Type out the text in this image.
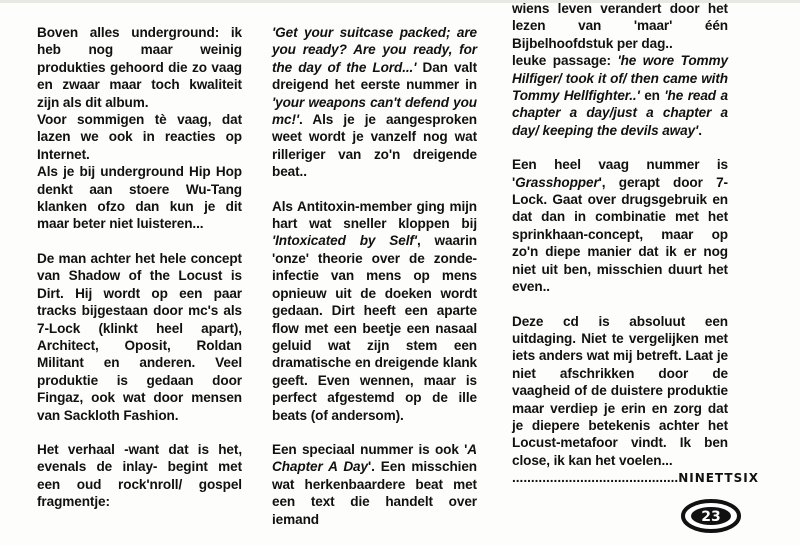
Boven alles underground: ik heb nog maar weinig produkties gehoord die zo vaag en zwaar maar toch kwaliteit zijn als dit album.

Voor sommigen tè vaag, dat lazen we ook in reacties op Internet.

Als je bij underground Hip Hop denkt aan stoere Wu-Tang klanken ofzo dan kun je dit maar beter niet luisteren...

De man achter het hele concept van Shadow of the Locust is Dirt. Hij wordt op een paar tracks bijgestaan door mc's als 7-Lock (klinkt heel apart), Architect, Oposit, Roldan Militant en anderen. Veel produktie is gedaan door Fingaz, ook wat door mensen van Sackloth Fashion.

Het verhaal -want dat is het, evenals de inlay- begint met een oud rock'nroll/ gospel fragmentje:

'Get your suitcase packed; are you ready? Are you ready, for the day of the Lord...' Dan valt dreigend het eerste nummer in 'your weapons can't defend you mc!'. Als je je aangesproken weet wordt je vanzelf nog wat rilleriger van zo'n dreigende beat..

Als Antitoxin-member ging mijn hart wat sneller kloppen bij 'Intoxicated by Self', waarin 'onze' theorie over de zonde-infectie van mens op mens opnieuw uit de doeken wordt gedaan. Dirt heeft een aparte flow met een beetje een nasaal geluid wat zijn stem een dramatische en dreigende klank geeft. Even wennen, maar is perfect afgestemd op de ille beats (of andersom).

Een speciaal nummer is ook 'A Chapter A Day'. Een misschien wat herkenbaardere beat met een text die handelt over iemand

wiens leven verandert door het lezen van 'maar' één Bijbelhoofdstuk per dag..

leuke passage: 'he wore Tommy Hilfiger/ took it of/ then came with Tommy Hellfighter..' en 'he read a chapter a day/just a chapter a day/ keeping the devils away'.

Een heel vaag nummer is 'Grasshopper', gerapt door 7-Lock. Gaat over drugsgebruik en dat dan in combinatie met het sprinkhaan-concept, maar op zo'n diepe manier dat ik er nog niet uit ben, misschien duurt het even..

Deze cd is absoluut een uitdaging. Niet te vergelijken met iets anders wat mij betreft. Laat je niet afschrikken door de vaagheid of de duistere produktie maar verdiep je erin en zorg dat je diepere betekenis achter het Locust-metafoor vindt. Ik ben close, ik kan het voelen...

............................................NINETTSIX
23
